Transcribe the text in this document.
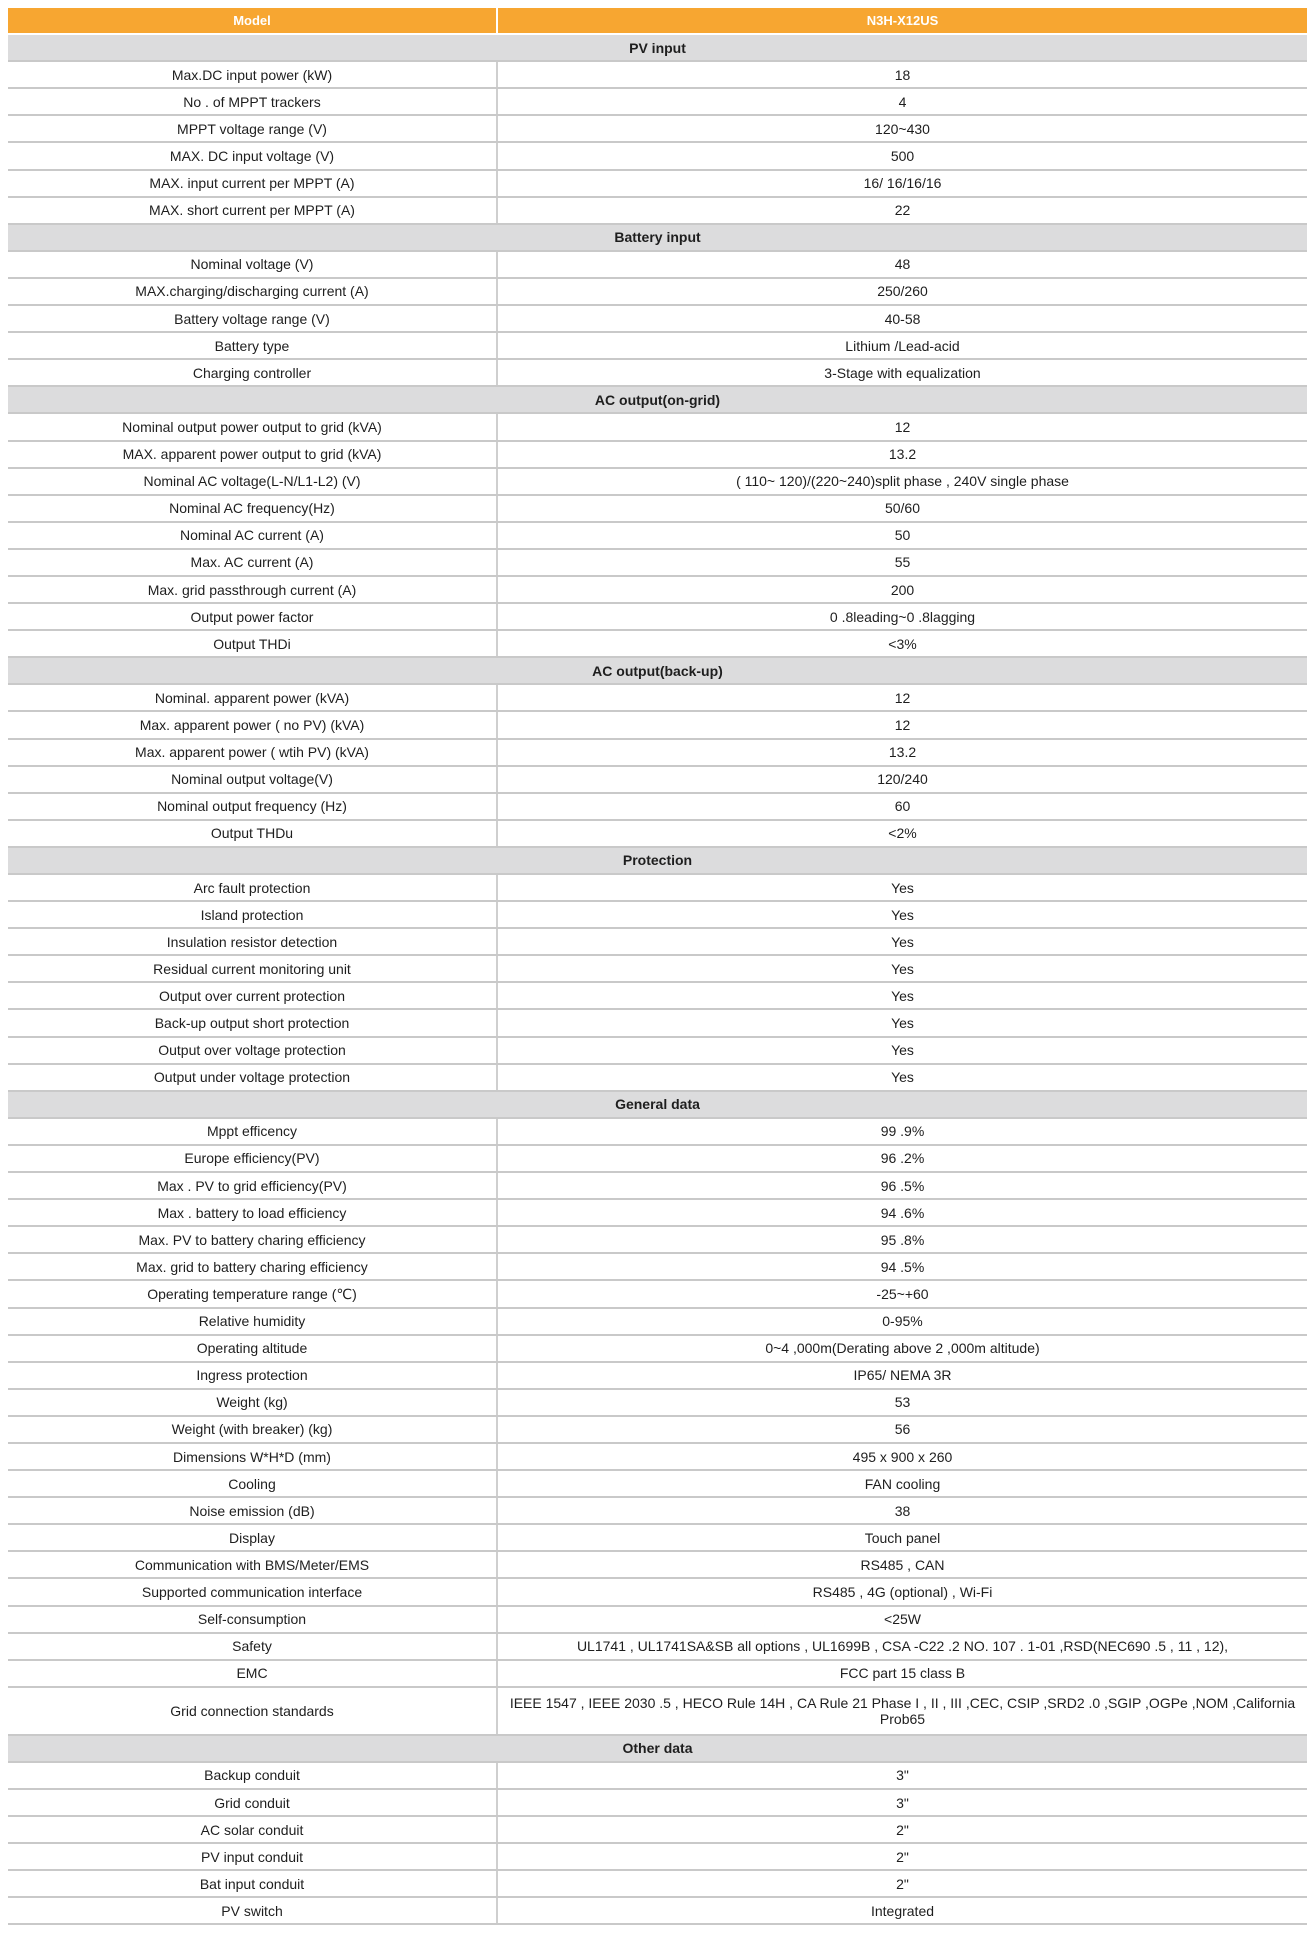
Model	N3H-X12US
PV input
Max.DC input power (kW)	18
No . of MPPT trackers	4
MPPT voltage range (V)	120~430
MAX. DC input voltage (V)	500
MAX. input current per MPPT (A)	16/ 16/16/16
MAX. short current per MPPT (A)	22
Battery input
Nominal voltage (V)	48
MAX.charging/discharging current (A)	250/260
Battery voltage range (V)	40-58
Battery type	Lithium /Lead-acid
Charging controller	3-Stage with equalization
AC output(on-grid)
Nominal output power output to grid (kVA)	12
MAX. apparent power output to grid (kVA)	13.2
Nominal AC voltage(L-N/L1-L2) (V)	( 110~ 120)/(220~240)split phase , 240V single phase
Nominal AC frequency(Hz)	50/60
Nominal AC current (A)	50
Max. AC current (A)	55
Max. grid passthrough current (A)	200
Output power factor	0 .8leading~0 .8lagging
Output THDi	<3%
AC output(back-up)
Nominal. apparent power (kVA)	12
Max. apparent power ( no PV) (kVA)	12
Max. apparent power ( wtih PV) (kVA)	13.2
Nominal output voltage(V)	120/240
Nominal output frequency (Hz)	60
Output THDu	<2%
Protection
Arc fault protection	Yes
Island protection	Yes
Insulation resistor detection	Yes
Residual current monitoring unit	Yes
Output over current protection	Yes
Back-up output short protection	Yes
Output over voltage protection	Yes
Output under voltage protection	Yes
General data
Mppt efficency	99 .9%
Europe efficiency(PV)	96 .2%
Max . PV to grid efficiency(PV)	96 .5%
Max . battery to load efficiency	94 .6%
Max. PV to battery charing efficiency	95 .8%
Max. grid to battery charing efficiency	94 .5%
Operating temperature range (℃)	-25~+60
Relative humidity	0-95%
Operating altitude	0~4 ,000m(Derating above 2 ,000m altitude)
Ingress protection	IP65/ NEMA 3R
Weight (kg)	53
Weight (with breaker) (kg)	56
Dimensions W*H*D (mm)	495 x 900 x 260
Cooling	FAN cooling
Noise emission (dB)	38
Display	Touch panel
Communication with BMS/Meter/EMS	RS485 , CAN
Supported communication interface	RS485 , 4G (optional) , Wi-Fi
Self-consumption	<25W
Safety	UL1741 , UL1741SA&SB all options , UL1699B , CSA -C22 .2 NO. 107 . 1-01 ,RSD(NEC690 .5 , 11 , 12),
EMC	FCC part 15 class B
Grid connection standards	IEEE 1547 , IEEE 2030 .5 , HECO Rule 14H , CA Rule 21 Phase I , II , III ,CEC, CSIP ,SRD2 .0 ,SGIP ,OGPe ,NOM ,California Prob65
Other data
Backup conduit	3"
Grid conduit	3"
AC solar conduit	2"
PV input conduit	2"
Bat input conduit	2"
PV switch	Integrated
